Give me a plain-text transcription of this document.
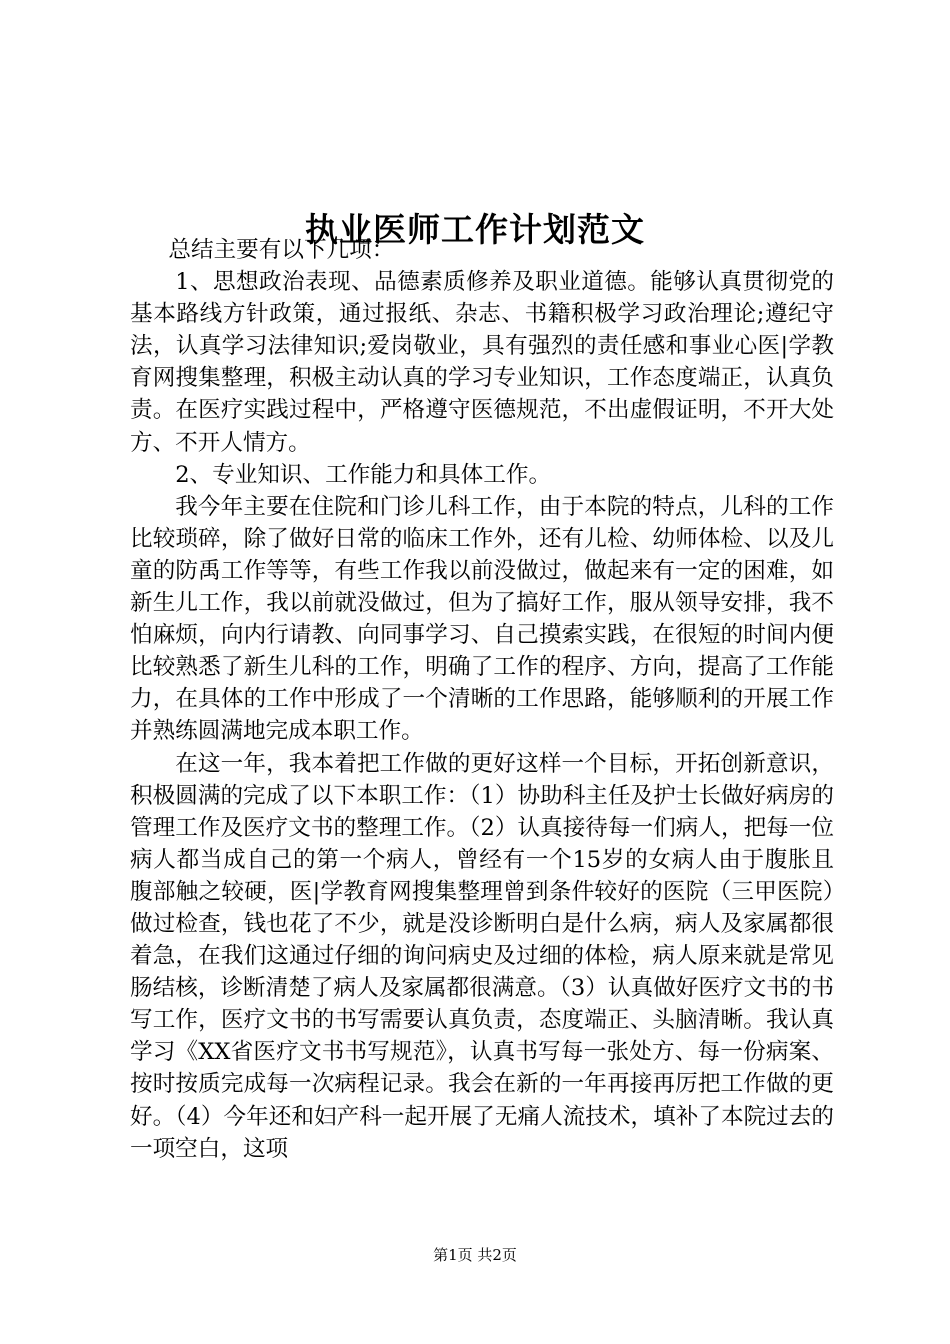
执业医师工作计划范文

总结主要有以下几项：

1、思想政治表现、品德素质修养及职业道德。能够认真贯彻党的基本路线方针政策，通过报纸、杂志、书籍积极学习政治理论;遵纪守法，认真学习法律知识;爱岗敬业，具有强烈的责任感和事业心医|学教育网搜集整理，积极主动认真的学习专业知识，工作态度端正，认真负责。在医疗实践过程中，严格遵守医德规范，不出虚假证明，不开大处方、不开人情方。

2、专业知识、工作能力和具体工作。

我今年主要在住院和门诊儿科工作，由于本院的特点，儿科的工作比较琐碎，除了做好日常的临床工作外，还有儿检、幼师体检、以及儿童的防禹工作等等，有些工作我以前没做过，做起来有一定的困难，如新生儿工作，我以前就没做过，但为了搞好工作，服从领导安排，我不怕麻烦，向内行请教、向同事学习、自己摸索实践，在很短的时间内便比较熟悉了新生儿科的工作，明确了工作的程序、方向，提高了工作能力，在具体的工作中形成了一个清晰的工作思路，能够顺利的开展工作并熟练圆满地完成本职工作。

在这一年，我本着把工作做的更好这样一个目标，开拓创新意识，积极圆满的完成了以下本职工作：（1）协助科主任及护士长做好病房的管理工作及医疗文书的整理工作。（2）认真接待每一们病人，把每一位病人都当成自己的第一个病人，曾经有一个15岁的女病人由于腹胀且腹部触之较硬，医|学教育网搜集整理曾到条件较好的医院（三甲医院）做过检查，钱也花了不少，就是没诊断明白是什么病，病人及家属都很着急，在我们这通过仔细的询问病史及过细的体检，病人原来就是常见肠结核，诊断清楚了病人及家属都很满意。（3）认真做好医疗文书的书写工作，医疗文书的书写需要认真负责，态度端正、头脑清晰。我认真学习《XX省医疗文书书写规范》，认真书写每一张处方、每一份病案、按时按质完成每一次病程记录。我会在新的一年再接再厉把工作做的更好。（4）今年还和妇产科一起开展了无痛人流技术，填补了本院过去的一项空白，这项

第1页 共2页
